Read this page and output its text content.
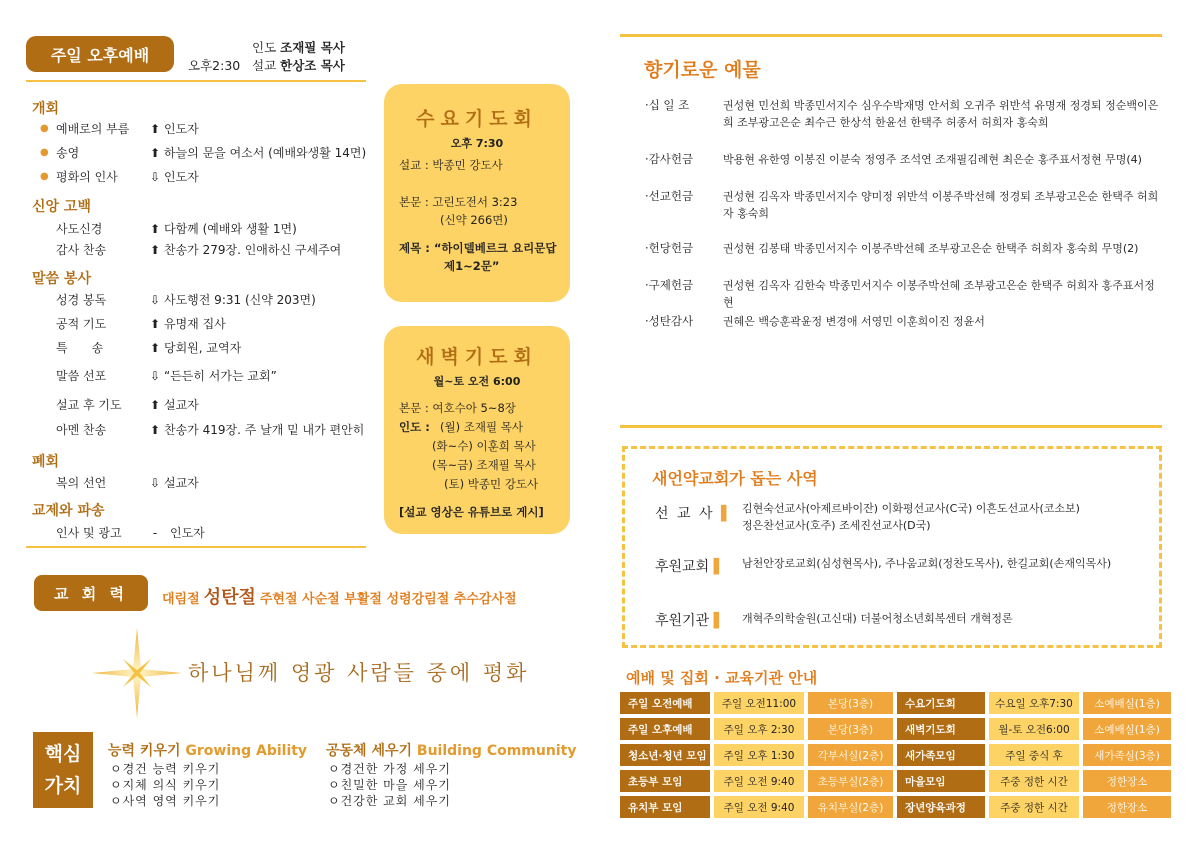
주일 오후예배
오후2:30
인도 조재필 목사
설교 한상조 목사
개회
● 예배로의 부름	⬆ 인도자
● 송영	⬆ 하늘의 문을 여소서 (예배와생활 14면)
● 평화의 인사	⇩ 인도자
신앙 고백
사도신경	⬆ 다함께 (예배와 생활 1면)
감사 찬송	⬆ 찬송가 279장. 인애하신 구세주여
말씀 봉사
성경 봉독	⇩ 사도행전 9:31 (신약 203면)
공적 기도	⬆ 유명재 집사
특　　송	⬆ 당회원, 교역자
말씀 선포	⇩ “든든히 서가는 교회”
설교 후 기도	⬆ 설교자
아멘 찬송	⬆ 찬송가 419장. 주 날개 밑 내가 편안히
폐회
복의 선언	⇩ 설교자
교제와 파송
인사 및 광고	-	인도자
수요기도회
오후 7:30
설교 : 박종민 강도사
본문 : 고린도전서 3:23
(신약 266면)
제목 : “하이델베르크 요리문답
제1~2문”
새벽기도회
월~토 오전 6:00
본문 : 여호수아 5~8장
인도 : (월) 조재필 목사
(화~수) 이훈희 목사
(목~금) 조재필 목사
(토) 박종민 강도사
[설교 영상은 유튜브로 게시]
교 회 력	대림절 성탄절 주현절 사순절 부활절 성령강림절 추수감사절
하나님께 영광 사람들 중에 평화
핵심
가치
능력 키우기 Growing Ability
ㅇ경건 능력 키우기
ㅇ지체 의식 키우기
ㅇ사역 영역 키우기
공동체 세우기 Building Community
ㅇ경건한 가정 세우기
ㅇ친밀한 마을 세우기
ㅇ건강한 교회 세우기
향기로운 예물
·십 일 조	권성현 민선희 박종민서지수 심우수박재명 안서희 오귀주 위반석 유명재 정경퇴 정순백이은희 조부광고은순 최수근 한상석 한윤선 한택주 허종서 허희자 홍숙희
·감사헌금	박용현 유한영 이봉진 이분숙 정영주 조석연 조재필김례현 최은순 홍주표서정현 무명(4)
·선교헌금	권성현 김옥자 박종민서지수 양미정 위반석 이봉주박선혜 정경퇴 조부광고은순 한택주 허희자 홍숙희
·헌당헌금	권성현 김봉태 박종민서지수 이봉주박선혜 조부광고은순 한택주 허희자 홍숙희 무명(2)
·구제헌금	권성현 김옥자 김한숙 박종민서지수 이봉주박선혜 조부광고은순 한택주 허희자 홍주표서정현
·성탄감사	권혜은 백승훈곽윤정 변경애 서영민 이훈희이진 정윤서
새언약교회가 돕는 사역
선 교 사 ▌ 김현숙선교사(아제르바이잔) 이화평선교사(C국) 이흔도선교사(코소보)
정은찬선교사(호주) 조세진선교사(D국)
후원교회 ▌ 남천안장로교회(심성현목사), 주나움교회(정찬도목사), 한길교회(손재익목사)
후원기관 ▌ 개혁주의학술원(고신대) 더불어청소년회복센터 개혁정론
예배 및 집회 · 교육기관 안내
주일 오전예배	주일 오전11:00	본당(3층)	수요기도회	수요일 오후7:30	소예배실(1층)
주일 오후예배	주일 오후 2:30	본당(3층)	새벽기도회	월-토 오전6:00	소예배실(1층)
청소년·청년 모임	주일 오후 1:30	각부서실(2층)	새가족모임	주일 중식 후	새가족실(3층)
초등부 모임	주일 오전 9:40	초등부실(2층)	마을모임	주중 정한 시간	정한장소
유치부 모임	주일 오전 9:40	유치부실(2층)	장년양육과정	주중 정한 시간	정한장소
